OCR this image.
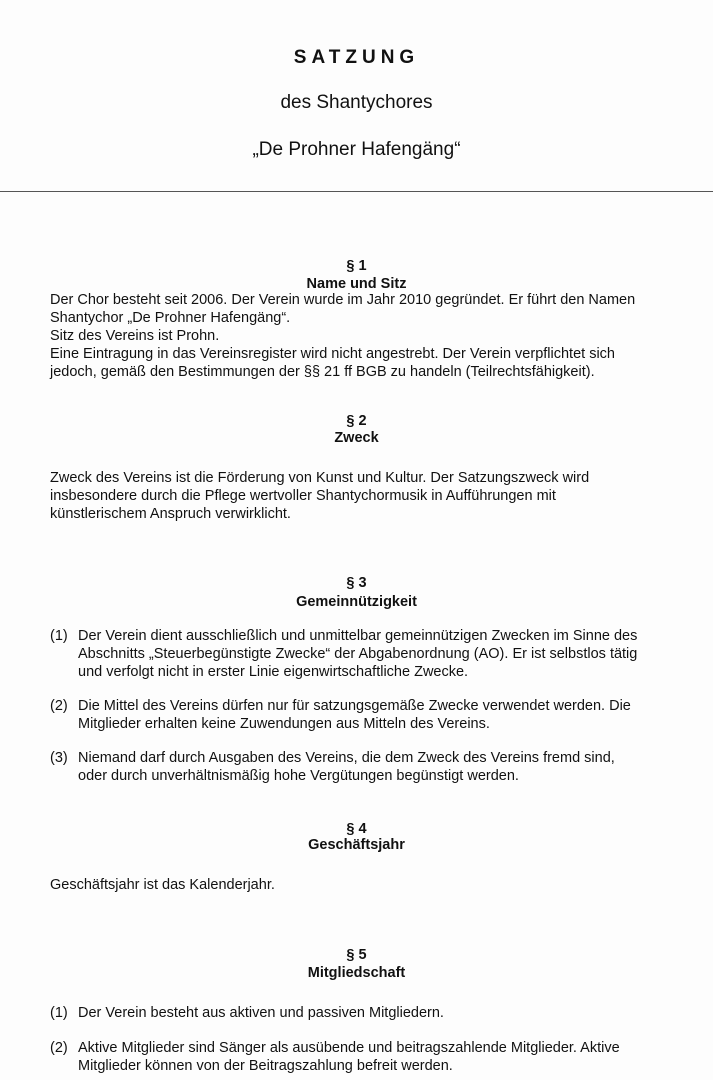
SATZUNG
des Shantychores
„De Prohner Hafengäng“
§ 1
Name und Sitz
Der Chor besteht seit 2006. Der Verein wurde im Jahr 2010 gegründet. Er führt den Namen
Shantychor „De Prohner Hafengäng“.
Sitz des Vereins ist Prohn.
Eine Eintragung in das Vereinsregister wird nicht angestrebt. Der Verein verpflichtet sich
jedoch, gemäß den Bestimmungen der §§ 21 ff BGB zu handeln (Teilrechtsfähigkeit).
§ 2
Zweck
Zweck des Vereins ist die Förderung von Kunst und Kultur. Der Satzungszweck wird
insbesondere durch die Pflege wertvoller Shantychormusik in Aufführungen mit
künstlerischem Anspruch verwirklicht.
§ 3
Gemeinnützigkeit
(1) Der Verein dient ausschließlich und unmittelbar gemeinnützigen Zwecken im Sinne des
Abschnitts „Steuerbegünstigte Zwecke“ der Abgabenordnung (AO). Er ist selbstlos tätig
und verfolgt nicht in erster Linie eigenwirtschaftliche Zwecke.
(2) Die Mittel des Vereins dürfen nur für satzungsgemäße Zwecke verwendet werden. Die
Mitglieder erhalten keine Zuwendungen aus Mitteln des Vereins.
(3) Niemand darf durch Ausgaben des Vereins, die dem Zweck des Vereins fremd sind,
oder durch unverhältnismäßig hohe Vergütungen begünstigt werden.
§ 4
Geschäftsjahr
Geschäftsjahr ist das Kalenderjahr.
§ 5
Mitgliedschaft
(1) Der Verein besteht aus aktiven und passiven Mitgliedern.
(2) Aktive Mitglieder sind Sänger als ausübende und beitragszahlende Mitglieder. Aktive
Mitglieder können von der Beitragszahlung befreit werden.
